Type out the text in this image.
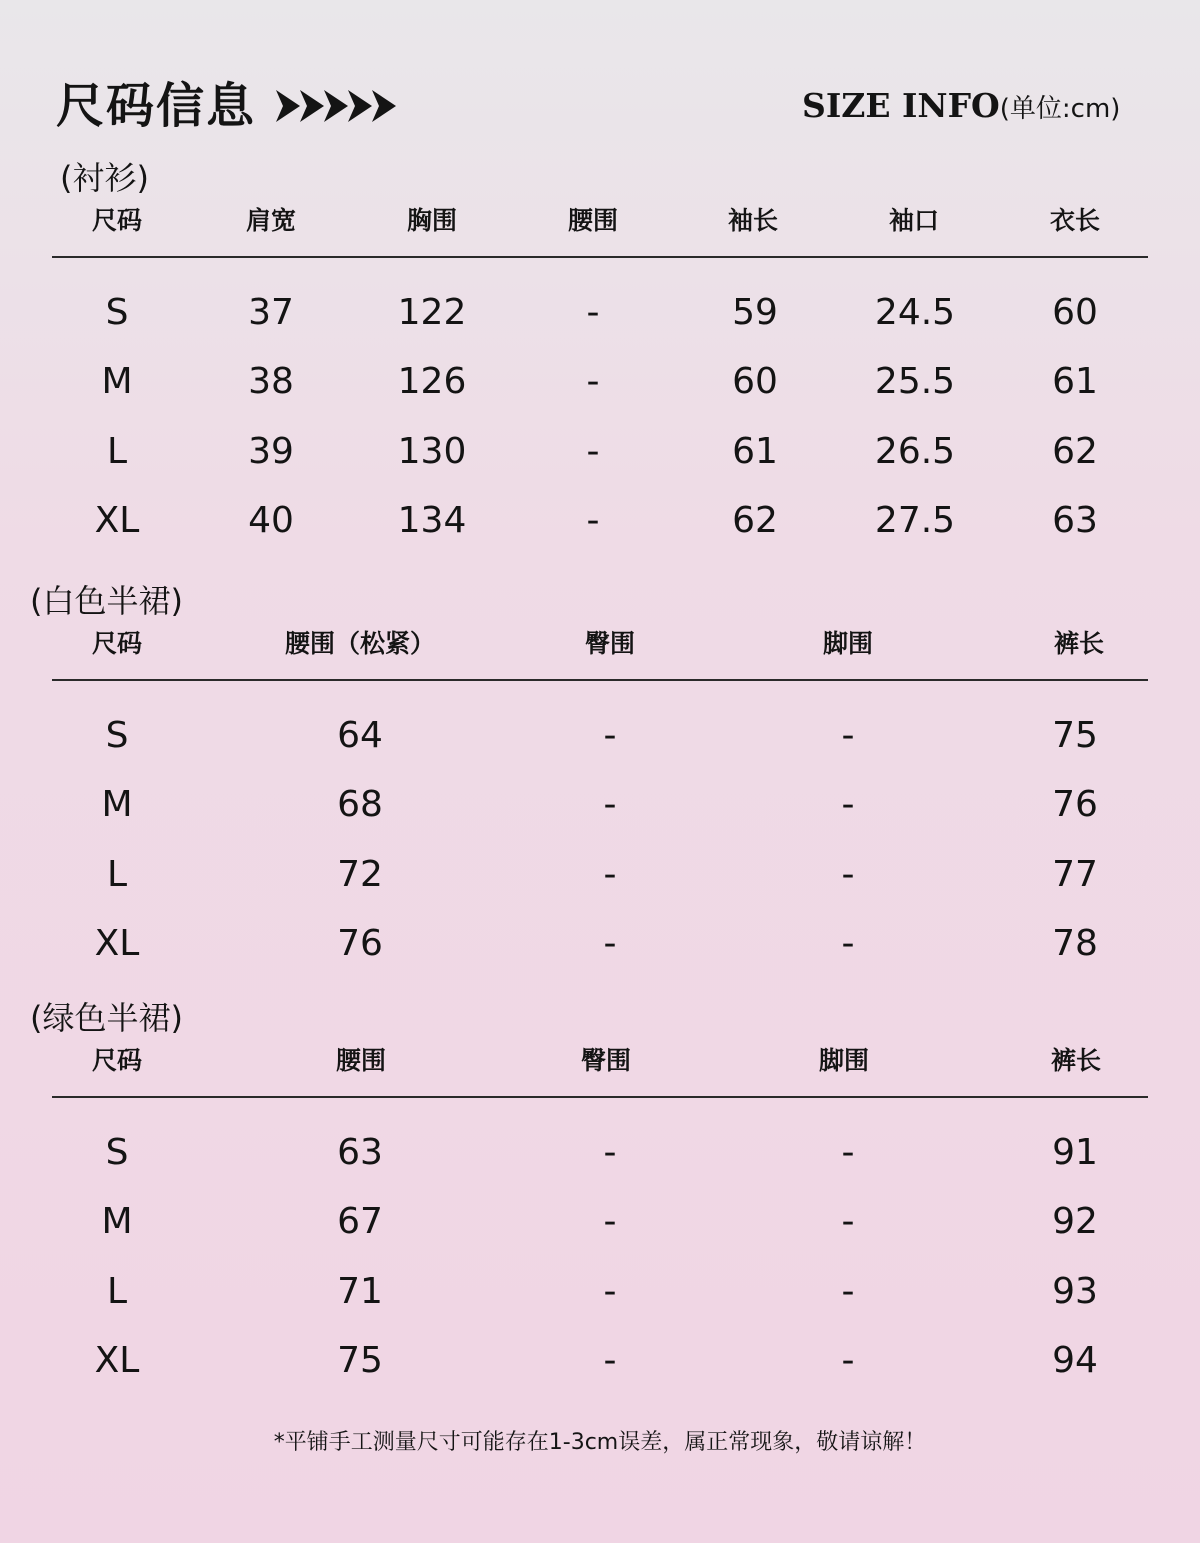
尺码信息	SIZE INFO(单位:cm)
(衬衫)
尺码	肩宽	胸围	腰围	袖长	袖口	衣长
S	37	122	-	59	24.5	60
M	38	126	-	60	25.5	61
L	39	130	-	61	26.5	62
XL	40	134	-	62	27.5	63
(白色半裙)
尺码	腰围（松紧）	臀围	脚围	裤长
S	64	-	-	75
M	68	-	-	76
L	72	-	-	77
XL	76	-	-	78
(绿色半裙)
尺码	腰围	臀围	脚围	裤长
S	63	-	-	91
M	67	-	-	92
L	71	-	-	93
XL	75	-	-	94
*平铺手工测量尺寸可能存在1-3cm误差，属正常现象，敬请谅解！
